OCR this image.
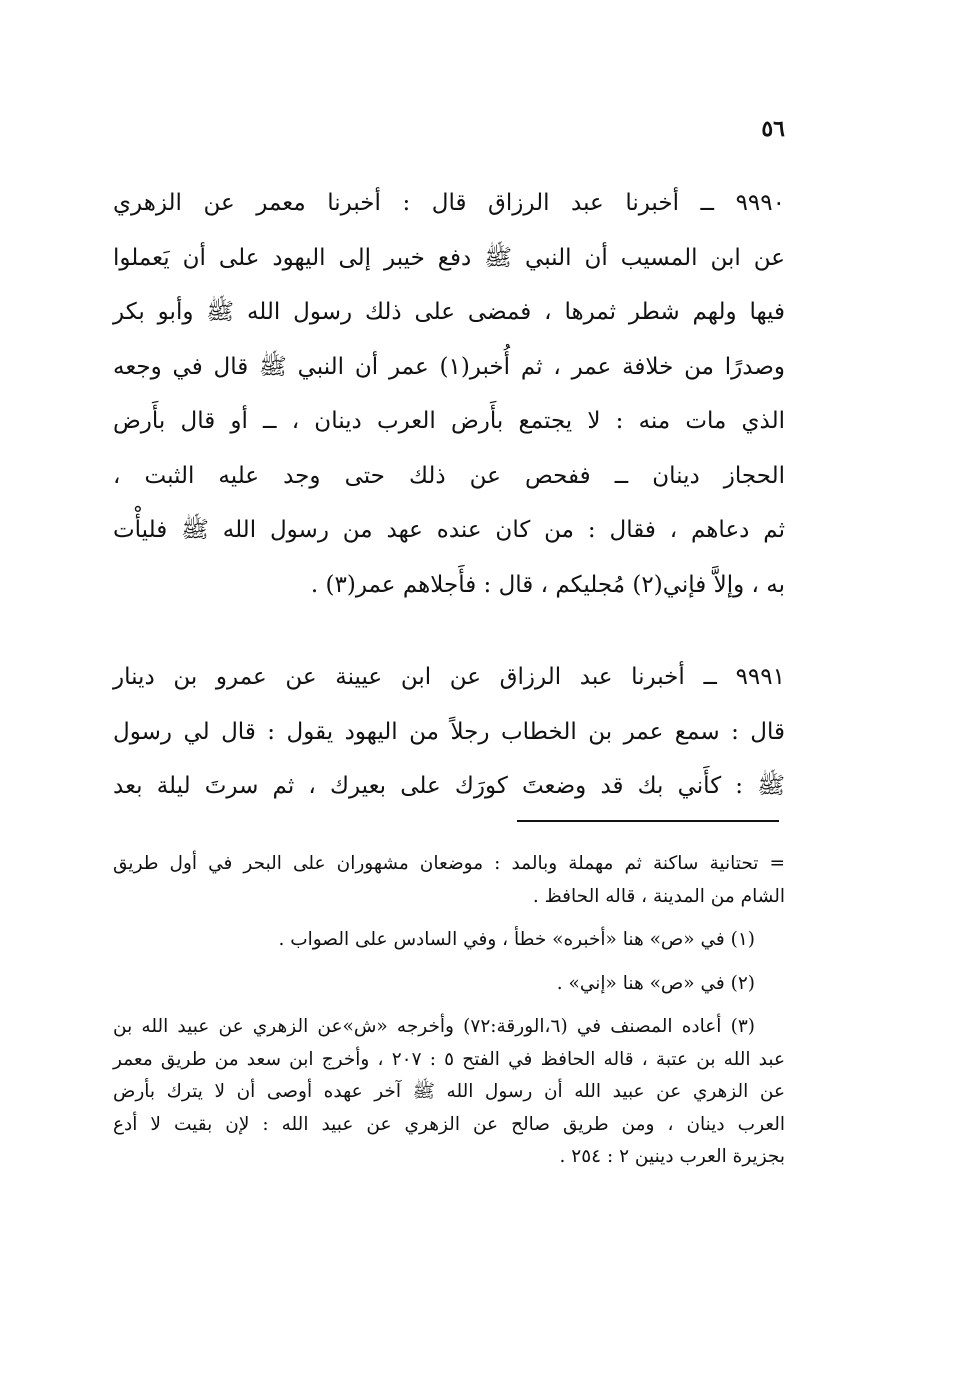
٥٦
٩٩٩٠ ــ أخبرنا عبد الرزاق قال : أخبرنا معمر عن الزهري
عن ابن المسيب أن النبي ﷺ دفع خيبر إلى اليهود على أن يَعملوا
فيها ولهم شطر ثمرها ، فمضى على ذلك رسول الله ﷺ وأبو بكر
وصدرًا من خلافة عمر ، ثم أُخبر(١) عمر أن النبي ﷺ قال في وجعه
الذي مات منه : لا يجتمع بأَرض العرب دينان ، ــ أو قال بأَرض
الحجاز دينان ــ ففحص عن ذلك حتى وجد عليه الثبت ،
ثم دعاهم ، فقال : من كان عنده عهد من رسول الله ﷺ فليأْت
به ، وإلاَّ فإني(٢) مُجليكم ، قال : فأَجلاهم عمر(٣) .
٩٩٩١ ــ أخبرنا عبد الرزاق عن ابن عيينة عن عمرو بن دينار
قال : سمع عمر بن الخطاب رجلاً من اليهود يقول : قال لي رسول
ﷺ : كأَني بك قد وضعتَ كورَك على بعيرك ، ثم سرتَ ليلة بعد
= تحتانية ساكنة ثم مهملة وبالمد : موضعان مشهوران على البحر في أول طريق
الشام من المدينة ، قاله الحافظ .
(١) في «ص» هنا «أخبره» خطأ ، وفي السادس على الصواب .
(٢) في «ص» هنا «إني» .
(٣) أعاده المصنف في (٦،الورقة:٧٢) وأخرجه «ش»عن الزهري عن عبيد الله بن
عبد الله بن عتبة ، قاله الحافظ في الفتح ٥ : ٢٠٧ ، وأخرج ابن سعد من طريق معمر
عن الزهري عن عبيد الله أن رسول الله ﷺ آخر عهده أوصى أن لا يترك بأرض
العرب دينان ، ومن طريق صالح عن الزهري عن عبيد الله : لإن بقيت لا أدع
بجزيرة العرب دينين ٢ : ٢٥٤ .
